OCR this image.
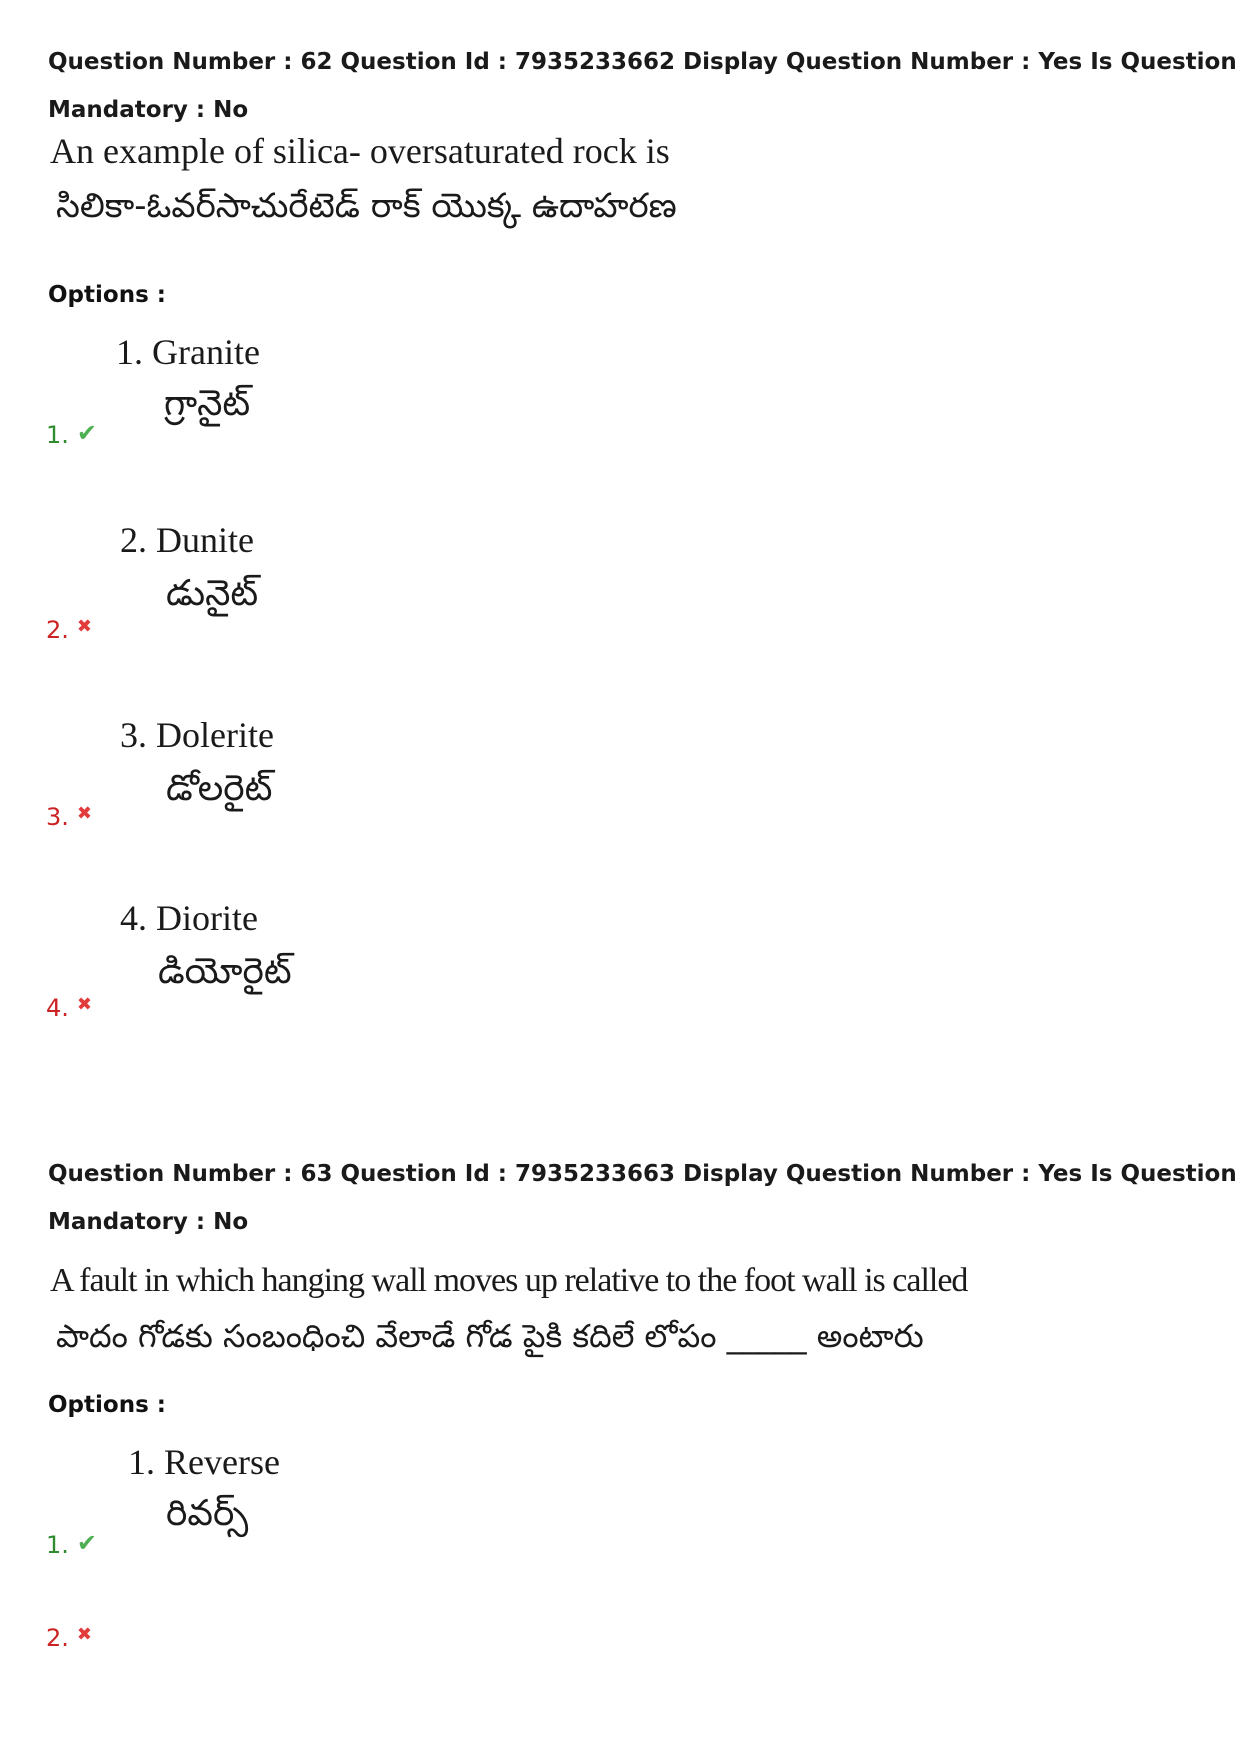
Question Number : 62 Question Id : 7935233662 Display Question Number : Yes Is Question
Mandatory : No
An example of silica- oversaturated rock is
సిలికా-ఓవర్‌సాచురేటెడ్ రాక్ యొక్క ఉదాహరణ
Options :
1. Granite
గ్రానైట్
1. ✔
2. Dunite
డునైట్
2. ✖
3. Dolerite
డోలరైట్
3. ✖
4. Diorite
డియోరైట్
4. ✖
Question Number : 63 Question Id : 7935233663 Display Question Number : Yes Is Question
Mandatory : No
A fault in which hanging wall moves up relative to the foot wall is called
పాదం గోడకు సంబంధించి వేలాడే గోడ పైకి కదిలే లోపం _____ అంటారు
Options :
1. Reverse
రివర్స్
1. ✔
2. ✖
